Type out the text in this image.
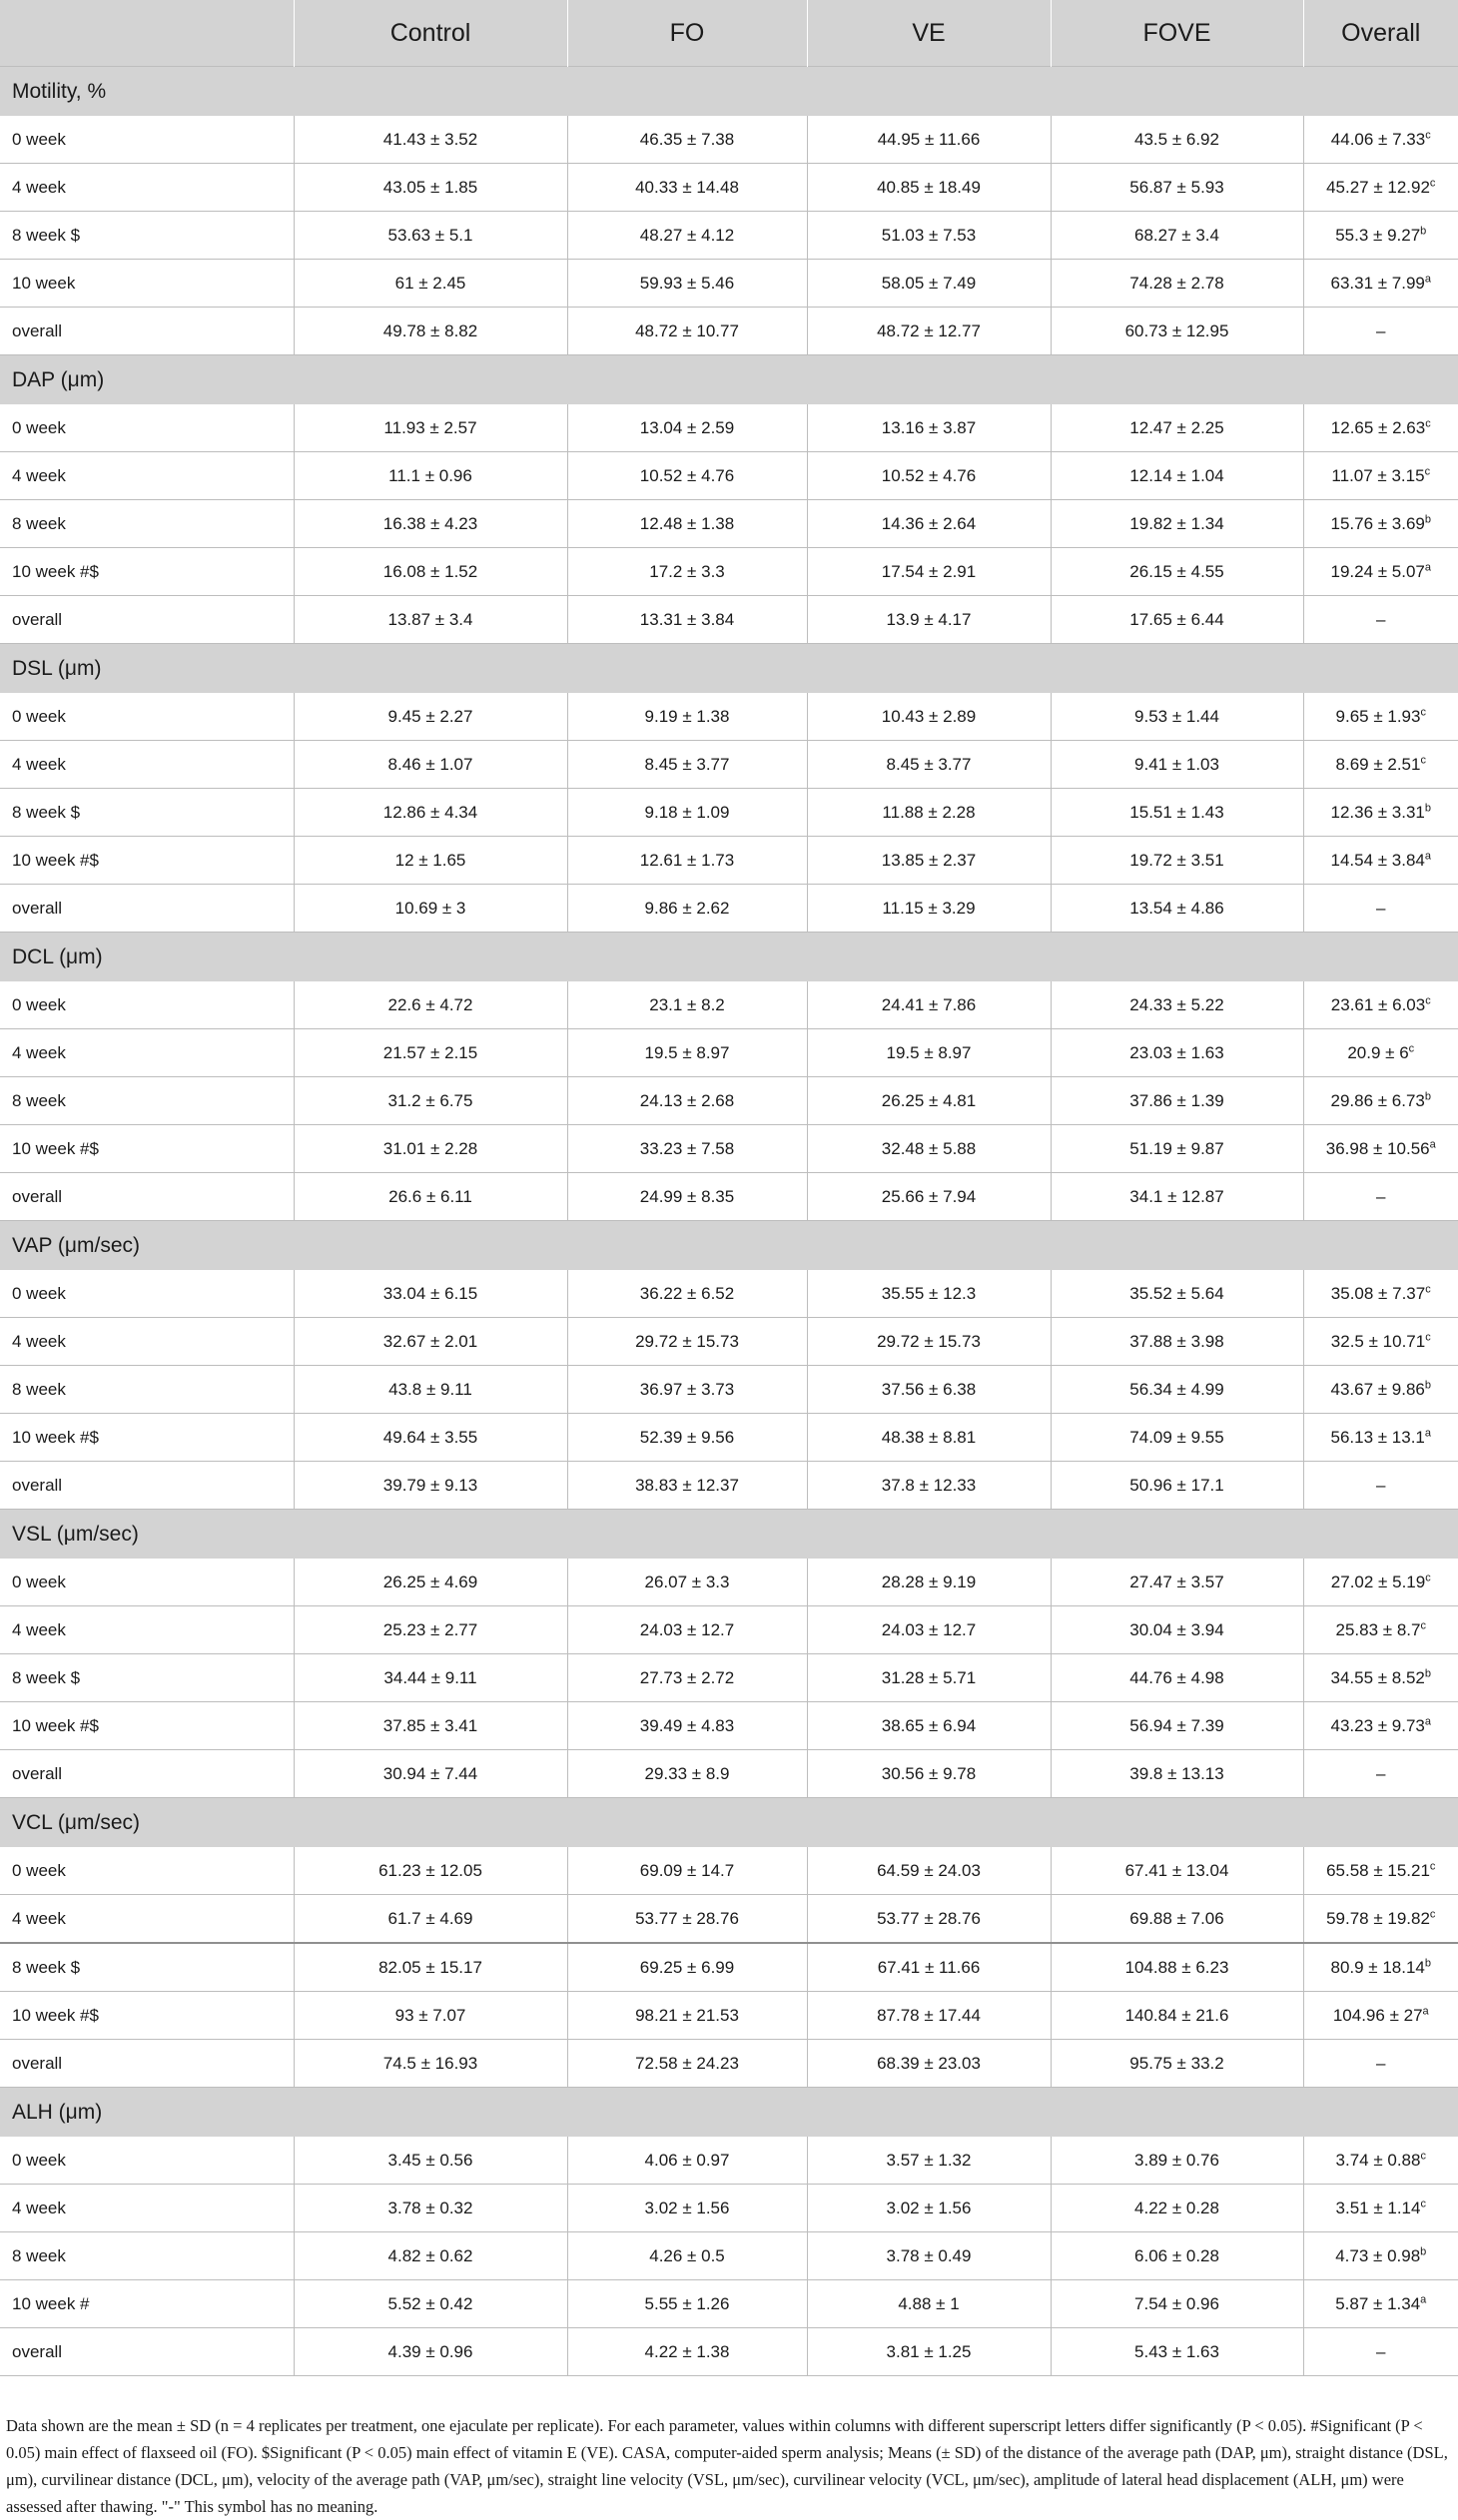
	Control	FO	VE	FOVE	Overall
Motility, %					
0 week	41.43 ± 3.52	46.35 ± 7.38	44.95 ± 11.66	43.5 ± 6.92	44.06 ± 7.33$^c$
4 week	43.05 ± 1.85	40.33 ± 14.48	40.85 ± 18.49	56.87 ± 5.93	45.27 ± 12.92$^c$
8 week $	53.63 ± 5.1	48.27 ± 4.12	51.03 ± 7.53	68.27 ± 3.4	55.3 ± 9.27$^b$
10 week	61 ± 2.45	59.93 ± 5.46	58.05 ± 7.49	74.28 ± 2.78	63.31 ± 7.99$^a$
overall	49.78 ± 8.82	48.72 ± 10.77	48.72 ± 12.77	60.73 ± 12.95	–
DAP (μm)					
0 week	11.93 ± 2.57	13.04 ± 2.59	13.16 ± 3.87	12.47 ± 2.25	12.65 ± 2.63$^c$
4 week	11.1 ± 0.96	10.52 ± 4.76	10.52 ± 4.76	12.14 ± 1.04	11.07 ± 3.15$^c$
8 week	16.38 ± 4.23	12.48 ± 1.38	14.36 ± 2.64	19.82 ± 1.34	15.76 ± 3.69$^b$
10 week #$	16.08 ± 1.52	17.2 ± 3.3	17.54 ± 2.91	26.15 ± 4.55	19.24 ± 5.07$^a$
overall	13.87 ± 3.4	13.31 ± 3.84	13.9 ± 4.17	17.65 ± 6.44	–
DSL (μm)					
0 week	9.45 ± 2.27	9.19 ± 1.38	10.43 ± 2.89	9.53 ± 1.44	9.65 ± 1.93$^c$
4 week	8.46 ± 1.07	8.45 ± 3.77	8.45 ± 3.77	9.41 ± 1.03	8.69 ± 2.51$^c$
8 week $	12.86 ± 4.34	9.18 ± 1.09	11.88 ± 2.28	15.51 ± 1.43	12.36 ± 3.31$^b$
10 week #$	12 ± 1.65	12.61 ± 1.73	13.85 ± 2.37	19.72 ± 3.51	14.54 ± 3.84$^a$
overall	10.69 ± 3	9.86 ± 2.62	11.15 ± 3.29	13.54 ± 4.86	–
DCL (μm)					
0 week	22.6 ± 4.72	23.1 ± 8.2	24.41 ± 7.86	24.33 ± 5.22	23.61 ± 6.03$^c$
4 week	21.57 ± 2.15	19.5 ± 8.97	19.5 ± 8.97	23.03 ± 1.63	$20.9 \pm 6^c$
8 week	31.2 ± 6.75	24.13 ± 2.68	26.25 ± 4.81	37.86 ± 1.39	29.86 ± 6.73$^b$
10 week #$	31.01 ± 2.28	33.23 ± 7.58	32.48 ± 5.88	51.19 ± 9.87	36.98 ± 10.56$^a$
overall	26.6 ± 6.11	24.99 ± 8.35	25.66 ± 7.94	34.1 ± 12.87	–
VAP (μm/sec)					
0 week	33.04 ± 6.15	36.22 ± 6.52	35.55 ± 12.3	35.52 ± 5.64	35.08 ± 7.37$^c$
4 week	32.67 ± 2.01	29.72 ± 15.73	29.72 ± 15.73	37.88 ± 3.98	32.5 ± 10.71$^c$
8 week	43.8 ± 9.11	36.97 ± 3.73	37.56 ± 6.38	56.34 ± 4.99	43.67 ± 9.86$^b$
10 week #$	49.64 ± 3.55	52.39 ± 9.56	48.38 ± 8.81	74.09 ± 9.55	56.13 ± 13.1$^a$
overall	39.79 ± 9.13	38.83 ± 12.37	37.8 ± 12.33	50.96 ± 17.1	–
VSL (μm/sec)					
0 week	26.25 ± 4.69	26.07 ± 3.3	28.28 ± 9.19	27.47 ± 3.57	27.02 ± 5.19$^c$
4 week	25.23 ± 2.77	24.03 ± 12.7	24.03 ± 12.7	30.04 ± 3.94	25.83 ± 8.7$^c$
8 week $	34.44 ± 9.11	27.73 ± 2.72	31.28 ± 5.71	44.76 ± 4.98	34.55 ± 8.52$^b$
10 week #$	37.85 ± 3.41	39.49 ± 4.83	38.65 ± 6.94	56.94 ± 7.39	43.23 ± 9.73$^a$
overall	30.94 ± 7.44	29.33 ± 8.9	30.56 ± 9.78	39.8 ± 13.13	–
VCL (μm/sec)					
0 week	61.23 ± 12.05	69.09 ± 14.7	64.59 ± 24.03	67.41 ± 13.04	65.58 ± 15.21$^c$
4 week	61.7 ± 4.69	53.77 ± 28.76	53.77 ± 28.76	69.88 ± 7.06	59.78 ± 19.82$^c$
8 week $	82.05 ± 15.17	69.25 ± 6.99	67.41 ± 11.66	104.88 ± 6.23	80.9 ± 18.14$^b$
10 week #$	93 ± 7.07	98.21 ± 21.53	87.78 ± 17.44	140.84 ± 21.6	$104.96 \pm 27^a$
overall	74.5 ± 16.93	72.58 ± 24.23	68.39 ± 23.03	95.75 ± 33.2	–
ALH (μm)					
0 week	3.45 ± 0.56	4.06 ± 0.97	3.57 ± 1.32	3.89 ± 0.76	3.74 ± 0.88$^c$
4 week	3.78 ± 0.32	3.02 ± 1.56	3.02 ± 1.56	4.22 ± 0.28	3.51 ± 1.14$^c$
8 week	4.82 ± 0.62	4.26 ± 0.5	3.78 ± 0.49	6.06 ± 0.28	4.73 ± 0.98$^b$
10 week #	5.52 ± 0.42	5.55 ± 1.26	4.88 ± 1	7.54 ± 0.96	5.87 ± 1.34$^a$
overall	4.39 ± 0.96	4.22 ± 1.38	3.81 ± 1.25	5.43 ± 1.63	–
Data shown are the mean ± SD (n = 4 replicates per treatment, one ejaculate per replicate). For each parameter, values within columns with different superscript letters differ significantly (P < 0.05). #Significant (P < 0.05) main effect of flaxseed oil (FO). $Significant (P < 0.05) main effect of vitamin E (VE). CASA, computer-aided sperm analysis; Means (± SD) of the distance of the average path (DAP, μm), straight distance (DSL, μm), curvilinear distance (DCL, μm), velocity of the average path (VAP, μm/sec), straight line velocity (VSL, μm/sec), curvilinear velocity (VCL, μm/sec), amplitude of lateral head displacement (ALH, μm) were assessed after thawing. "-" This symbol has no meaning.
